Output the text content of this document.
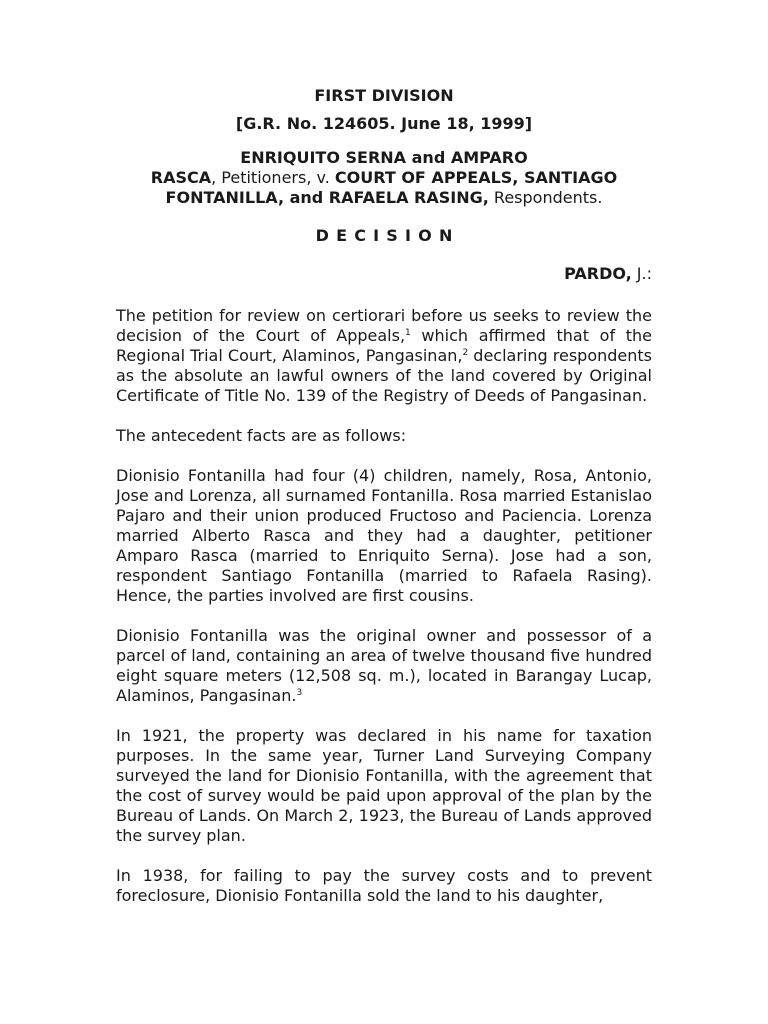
FIRST DIVISION
[G.R. No. 124605. June 18, 1999]
ENRIQUITO SERNA and AMPARO
RASCA, Petitioners, v. COURT OF APPEALS, SANTIAGO
FONTANILLA, and RAFAELA RASING, Respondents.
DECISION
PARDO, J.:

The petition for review on certiorari before us seeks to review the decision of the Court of Appeals,$^1$ which affirmed that of the Regional Trial Court, Alaminos, Pangasinan,$^2$ declaring respondents as the absolute an lawful owners of the land covered by Original Certificate of Title No. 139 of the Registry of Deeds of Pangasinan.

The antecedent facts are as follows:

Dionisio Fontanilla had four (4) children, namely, Rosa, Antonio, Jose and Lorenza, all surnamed Fontanilla. Rosa married Estanislao Pajaro and their union produced Fructoso and Paciencia. Lorenza married Alberto Rasca and they had a daughter, petitioner Amparo Rasca (married to Enriquito Serna). Jose had a son, respondent Santiago Fontanilla (married to Rafaela Rasing). Hence, the parties involved are first cousins.

Dionisio Fontanilla was the original owner and possessor of a parcel of land, containing an area of twelve thousand five hundred eight square meters (12,508 sq. m.), located in Barangay Lucap, Alaminos, Pangasinan.$^3$

In 1921, the property was declared in his name for taxation purposes. In the same year, Turner Land Surveying Company surveyed the land for Dionisio Fontanilla, with the agreement that the cost of survey would be paid upon approval of the plan by the Bureau of Lands. On March 2, 1923, the Bureau of Lands approved the survey plan.

In 1938, for failing to pay the survey costs and to prevent foreclosure, Dionisio Fontanilla sold the land to his daughter,
